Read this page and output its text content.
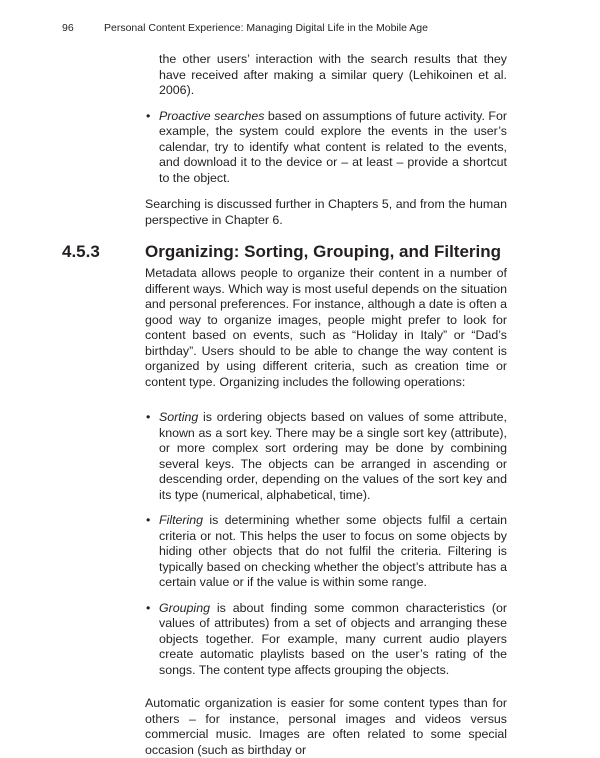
96	Personal Content Experience: Managing Digital Life in the Mobile Age

the other users’ interaction with the search results that they have received after making a similar query (Lehikoinen et al. 2006).

• Proactive searches based on assumptions of future activity. For example, the system could explore the events in the user’s calendar, try to identify what content is related to the events, and download it to the device or – at least – provide a shortcut to the object.

Searching is discussed further in Chapters 5, and from the human perspective in Chapter 6.

4.5.3	Organizing: Sorting, Grouping, and Filtering

Metadata allows people to organize their content in a number of different ways. Which way is most useful depends on the situation and personal preferences. For instance, although a date is often a good way to organize images, people might prefer to look for content based on events, such as “Holiday in Italy” or “Dad’s birthday”. Users should to be able to change the way content is organized by using different criteria, such as creation time or content type. Organizing includes the following operations:

• Sorting is ordering objects based on values of some attribute, known as a sort key. There may be a single sort key (attribute), or more complex sort ordering may be done by combining several keys. The objects can be arranged in ascending or descending order, depending on the values of the sort key and its type (numerical, alphabetical, time).
• Filtering is determining whether some objects fulfil a certain criteria or not. This helps the user to focus on some objects by hiding other objects that do not fulfil the criteria. Filtering is typically based on checking whether the object’s attribute has a certain value or if the value is within some range.
• Grouping is about finding some common characteristics (or values of attributes) from a set of objects and arranging these objects together. For example, many current audio players create automatic playlists based on the user’s rating of the songs. The content type affects grouping the objects.

Automatic organization is easier for some content types than for others – for instance, personal images and videos versus commercial music. Images are often related to some special occasion (such as birthday or
